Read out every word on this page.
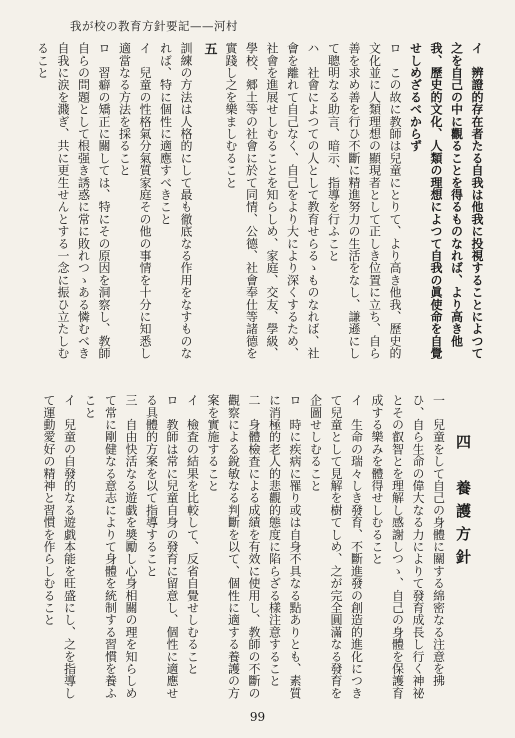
我が校の教育方針要記——河村

イ　辨證的存在者たる自我は他我に投視することによつて之を自己の中に觀ることを得るものなれば、より高き他我、歷史的文化、人類の理想によつて自我の眞使命を自覺せしめざるべからず

ロ　この故に教師は兒童にとりて、より高き他我、歷史的文化並に人類理想の顯現者として正しき位置に立ち、自ら善を求め善を行ひ不斷に精進努力の生活をなし、謙遜にして聰明なる助言、暗示、指導を行ふこと

ハ　社會によつての人として教育せらるゝものなれば、社會を離れて自己なく、自己をより大により深くするため、社會を進展せしむることを知らしめ、家庭、交友、學級、學校、郷土等の社會に於て同情、公德、社會奉仕等諸德を實踐し之を樂ましむること

五

訓練の方法は人格的にして最も徹底なる作用をなすものなれば、特に個性に適應すべきこと

イ　兒童の性格氣分氣質家庭その他の事情を十分に知悉し適當なる方法を採ること

ロ　習癖の矯正に關しては、特にその原因を洞察し、教師自らの問題として根强き誘惑に常に敗れつゝある憐むべき自我に涙を濺ぎ、共に更生せんとする一念に振ひ立たしむること

四　養護方針

一　兒童をして自己の身體に關する綿密なる注意を拂ひ、自ら生命の偉大なる力によりて發育成長し行く神祕とその叡智とを理解し感謝しつゝ、自己の身體を保護育成する樂みを體得せしむること

イ　生命の瑞々しき發育、不斷進發の創造的進化につきて兒童として見解を樹てしめ、之が完全圓滿なる發育を企圖せしむること

ロ　時に疾病に罹り或は自身不具なる點ありとも、素質に消極的老人的悲觀的態度に陷らざる樣注意すること

二　身體檢査による成績を有效に使用し、教師の不斷の觀察による銳敏なる判斷を以て、個性に適する養護の方案を實施すること

イ　檢査の結果を比較して、反省自覺せしむること

ロ　教師は常に兒童自身の發育に留意し、個性に適應せる具體的方案を以て指導すること

三　自由快活なる遊戯を奬勵し心身相關の理を知らしめて常に剛健なる意志によりて身體を統制する習慣を養ふこと

イ　兒童の自發的なる遊戯本能を旺盛にし、之を指導して運動愛好の精神と習慣を作らしむること

99
